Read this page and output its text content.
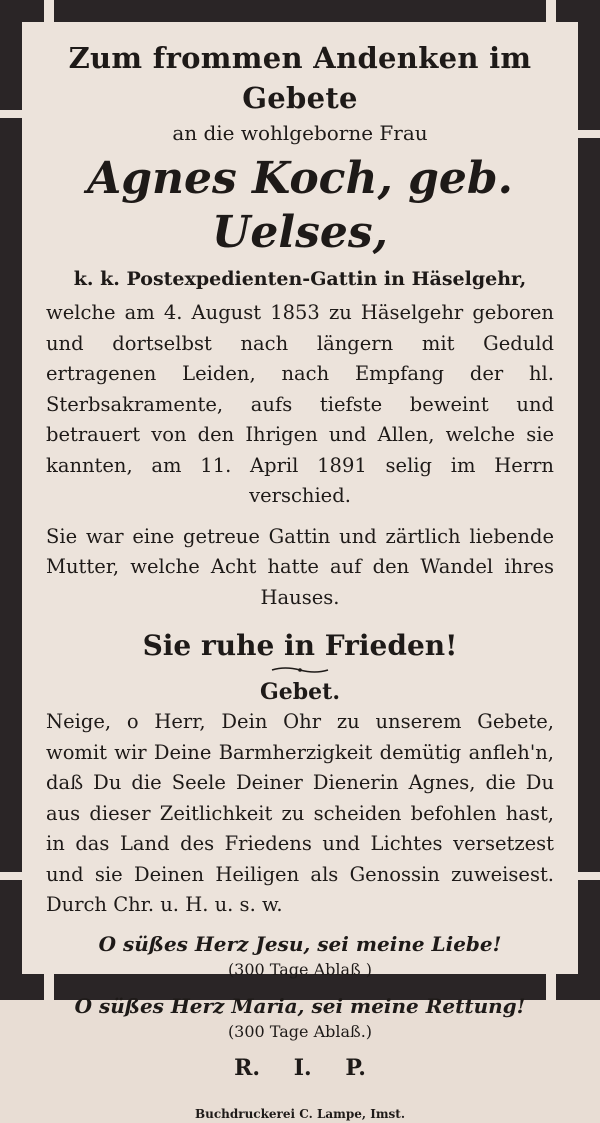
Zum frommen Andenken im Gebete

an die wohlgeborne Frau

Agnes Koch, geb. Uelses,

k. k. Postexpedienten-Gattin in Häselgehr,

welche am 4. August 1853 zu Häselgehr geboren und dortselbst nach längern mit Geduld ertragenen Leiden, nach Empfang der hl. Sterbsakramente, aufs tiefste beweint und betrauert von den Ihrigen und Allen, welche sie kannten, am 11. April 1891 selig im Herrn verschied.

Sie war eine getreue Gattin und zärtlich liebende Mutter, welche Acht hatte auf den Wandel ihres Hauses.

Sie ruhe in Frieden!

Gebet.

Neige, o Herr, Dein Ohr zu unserem Gebete, womit wir Deine Barmherzigkeit demütig anfleh'n, daß Du die Seele Deiner Dienerin Agnes, die Du aus dieser Zeitlichkeit zu scheiden befohlen hast, in das Land des Friedens und Lichtes versetzest und sie Deinen Heiligen als Genossin zuweisest. Durch Chr. u. H. u. s. w.

O süßes Herz Jesu, sei meine Liebe!

(300 Tage Ablaß )

O süßes Herz Maria, sei meine Rettung!

(300 Tage Ablaß.)

R. I. P.

Buchdruckerei C. Lampe, Imst.
